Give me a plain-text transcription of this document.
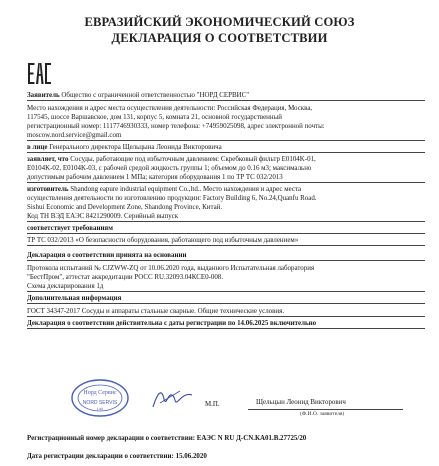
ЕВРАЗИЙСКИЙ ЭКОНОМИЧЕСКИЙ СОЮЗ
ДЕКЛАРАЦИЯ О СООТВЕТСТВИИ
Заявитель Общество с ограниченной ответственностью "НОРД СЕРВИС"
Место нахождения и адрес места осуществления деятельности: Российская Федерация, Москва,
117545, шоссе Варшавское, дом 131, корпус 5, комната 21, основной государственный
регистрационный номер: 1117746930333, номер телефона: +74959025098, адрес электронной почты:
moscow.nord.service@gmail.com
в лице Генерального директора Щельцына Леонида Викторовича
заявляет, что Сосуды, работающие под избыточным давлением: Скребковый фильтр E0104K-01,
E0104K-02, E0104K-03, с рабочей средой жидкость группы 1; объемом до 0.16 м3; максимально
допустимым рабочим давлением 1 МПа; категория оборудования 1 по ТР ТС 032/2013
изготовитель Shandong eapure industrial equipment Co.,ltd.. Место нахождения и адрес места
осуществления деятельности по изготовлению продукции: Factory Building 6, No.24,Quanfu Road.
Sishui Economic and Development Zone, Shandong Province, Китай.
Код ТН ВЭД ЕАЭС 8421290009. Серийный выпуск
соответствует требованиям
ТР ТС 032/2013 «О безопасности оборудования, работающего под избыточным давлением»
Декларация о соответствии принята на основании
Протокола испытаний № CJZWW-ZQ от 10.06.2020 года, выданного Испытательная лаборатория
"БестПром", аттестат аккредитации РОСС RU.32093.04КСЕ0-008.
Схема декларирования 1д
Дополнительная информация
ГОСТ 34347-2017 Сосуды и аппараты стальные сварные. Общие технические условия.
Декларация о соответствии действительна с даты регистрации по 14.06.2025 включительно
Норд Сервис
NORD SERVIS
Ltd
М.П.	Щельцын Леонид Викторович
(Ф.И.О. заявителя)
Регистрационный номер декларации о соответствии: ЕАЭС N RU Д-CN.КА01.В.27725/20
Дата регистрации декларации о соответствии: 15.06.2020
